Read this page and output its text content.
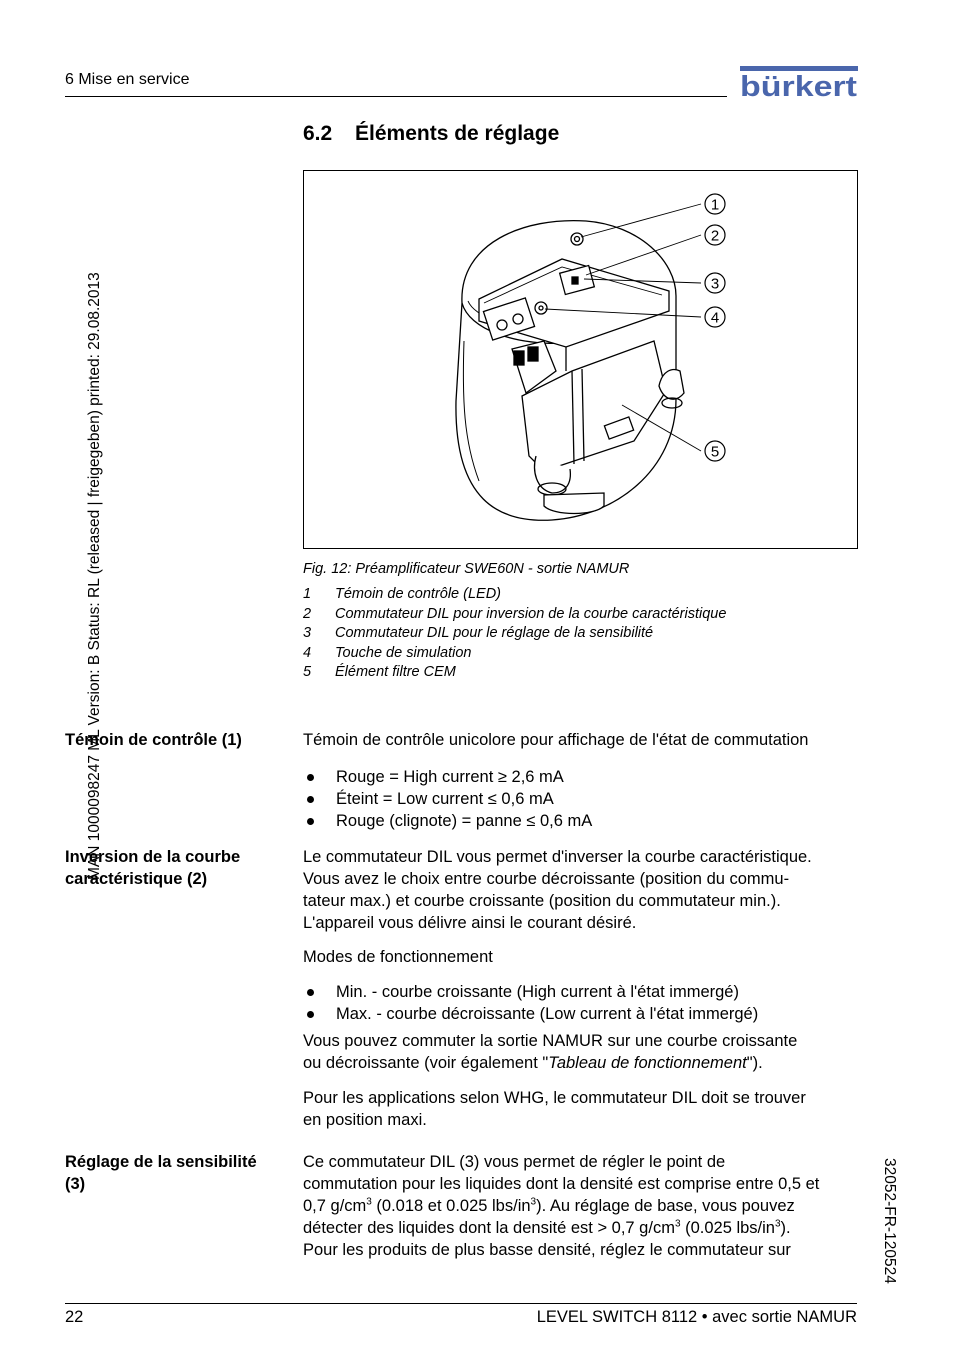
6 Mise en service	bürkert
MAN 1000098247 ML Version: B Status: RL (released | freigegeben) printed: 29.08.2013
32052-FR-120524
6.2 Éléments de réglage
1
2
3
4
5
Fig. 12: Préamplificateur SWE60N - sortie NAMUR
1 Témoin de contrôle (LED)
2 Commutateur DIL pour inversion de la courbe caractéristique
3 Commutateur DIL pour le réglage de la sensibilité
4 Touche de simulation
5 Élément filtre CEM
Témoin de contrôle (1)	Témoin de contrôle unicolore pour affichage de l'état de commutation
Rouge = High current ≥ 2,6 mA
Éteint = Low current ≤ 0,6 mA
Rouge (clignote) = panne ≤ 0,6 mA
Inversion de la courbe
caractéristique (2)
Le commutateur DIL vous permet d'inverser la courbe caractéristique.
Vous avez le choix entre courbe décroissante (position du commu-
tateur max.) et courbe croissante (position du commutateur min.).
L'appareil vous délivre ainsi le courant désiré.
Modes de fonctionnement
Min. - courbe croissante (High current à l'état immergé)
Max. - courbe décroissante (Low current à l'état immergé)
Vous pouvez commuter la sortie NAMUR sur une courbe croissante
ou décroissante (voir également "Tableau de fonctionnement").
Pour les applications selon WHG, le commutateur DIL doit se trouver
en position maxi.
Réglage de la sensibilité
(3)
Ce commutateur DIL (3) vous permet de régler le point de
commutation pour les liquides dont la densité est comprise entre 0,5 et
0,7 $g/cm^3$ (0.018 et 0.025 lbs/$in^3$). Au réglage de base, vous pouvez
détecter des liquides dont la densité est > 0,7 $g/cm^3$ (0.025 lbs/$in^3$).
Pour les produits de plus basse densité, réglez le commutateur sur
22	LEVEL SWITCH 8112 • avec sortie NAMUR
